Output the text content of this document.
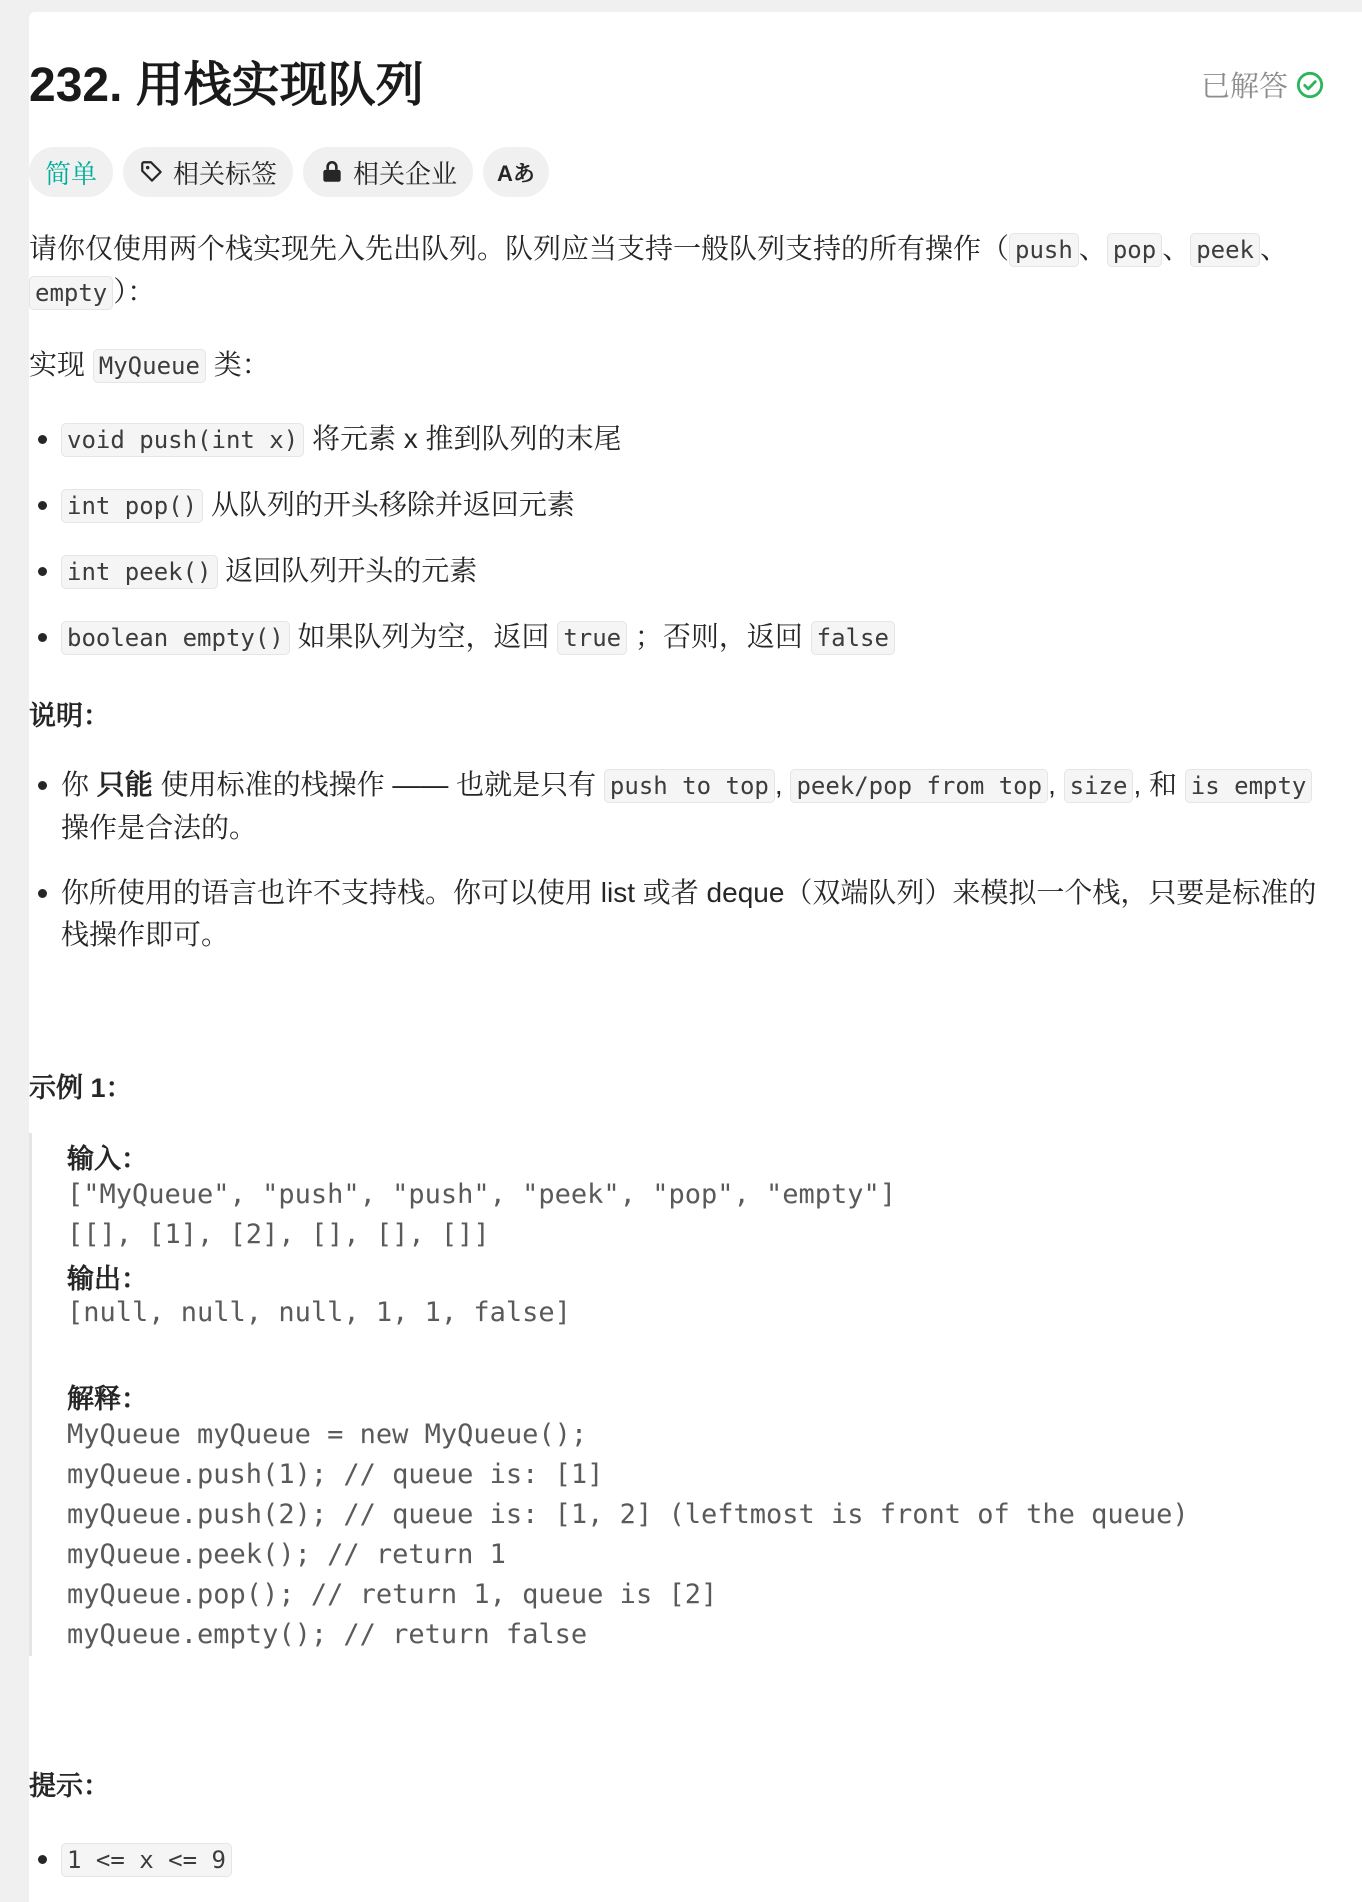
232. 用栈实现队列	已解答
简单	相关标签	相关企业 Aあ
请你仅使用两个栈实现先入先出队列。队列应当支持一般队列支持的所有操作（ push 、 pop 、 peek 、empty ）：
实现 MyQueue 类：
void push(int x) 将元素 x 推到队列的末尾
int pop() 从队列的开头移除并返回元素
int peek() 返回队列开头的元素
boolean empty() 如果队列为空，返回 true ；否则，返回 false
说明：
你 只能 使用标准的栈操作 —— 也就是只有 push to top , peek/pop from top , size , 和 is empty 操作是合法的。
你所使用的语言也许不支持栈。你可以使用 list 或者 deque（双端队列）来模拟一个栈，只要是标准的栈操作即可。
示例 1：
输入：
["MyQueue", "push", "push", "peek", "pop", "empty"]
[[], [1], [2], [], [], []]
输出：
[null, null, null, 1, 1, false]
解释：
MyQueue myQueue = new MyQueue();
myQueue.push(1); // queue is: [1]
myQueue.push(2); // queue is: [1, 2] (leftmost is front of the queue)
myQueue.peek(); // return 1
myQueue.pop(); // return 1, queue is [2]
myQueue.empty(); // return false
提示：
1 <= x <= 9
